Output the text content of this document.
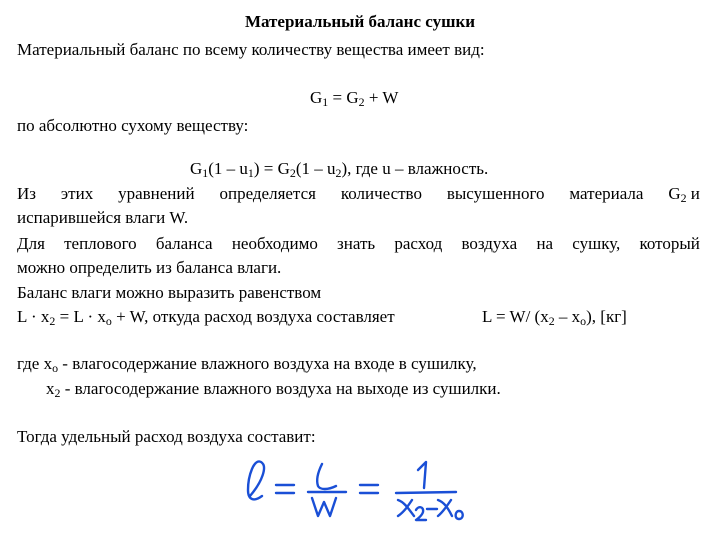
Материальный баланс сушки
Материальный баланс по всему количеству вещества имеет вид:
$G_1 = G_2 + W$
по абсолютно сухому веществу:
$G_1(1 - u_1) = G_2(1 - u_2)$, где u – влажность.
Из этих уравнений определяется количество высушенного материала $G_2$ и
испарившейся влаги W.
Для теплового баланса необходимо знать расход воздуха на сушку, который
можно определить из баланса влаги.
Баланс влаги можно выразить равенством
$L \cdot x_2 = L \cdot x_o + W$, откуда расход воздуха составляет	L = W/ $(x_2 - x_o)$, [кг]
где $x_o$ - влагосодержание влажного воздуха на входе в сушилку,
$x_2$ - влагосодержание влажного воздуха на выходе из сушилки.
Тогда удельный расход воздуха составит:
